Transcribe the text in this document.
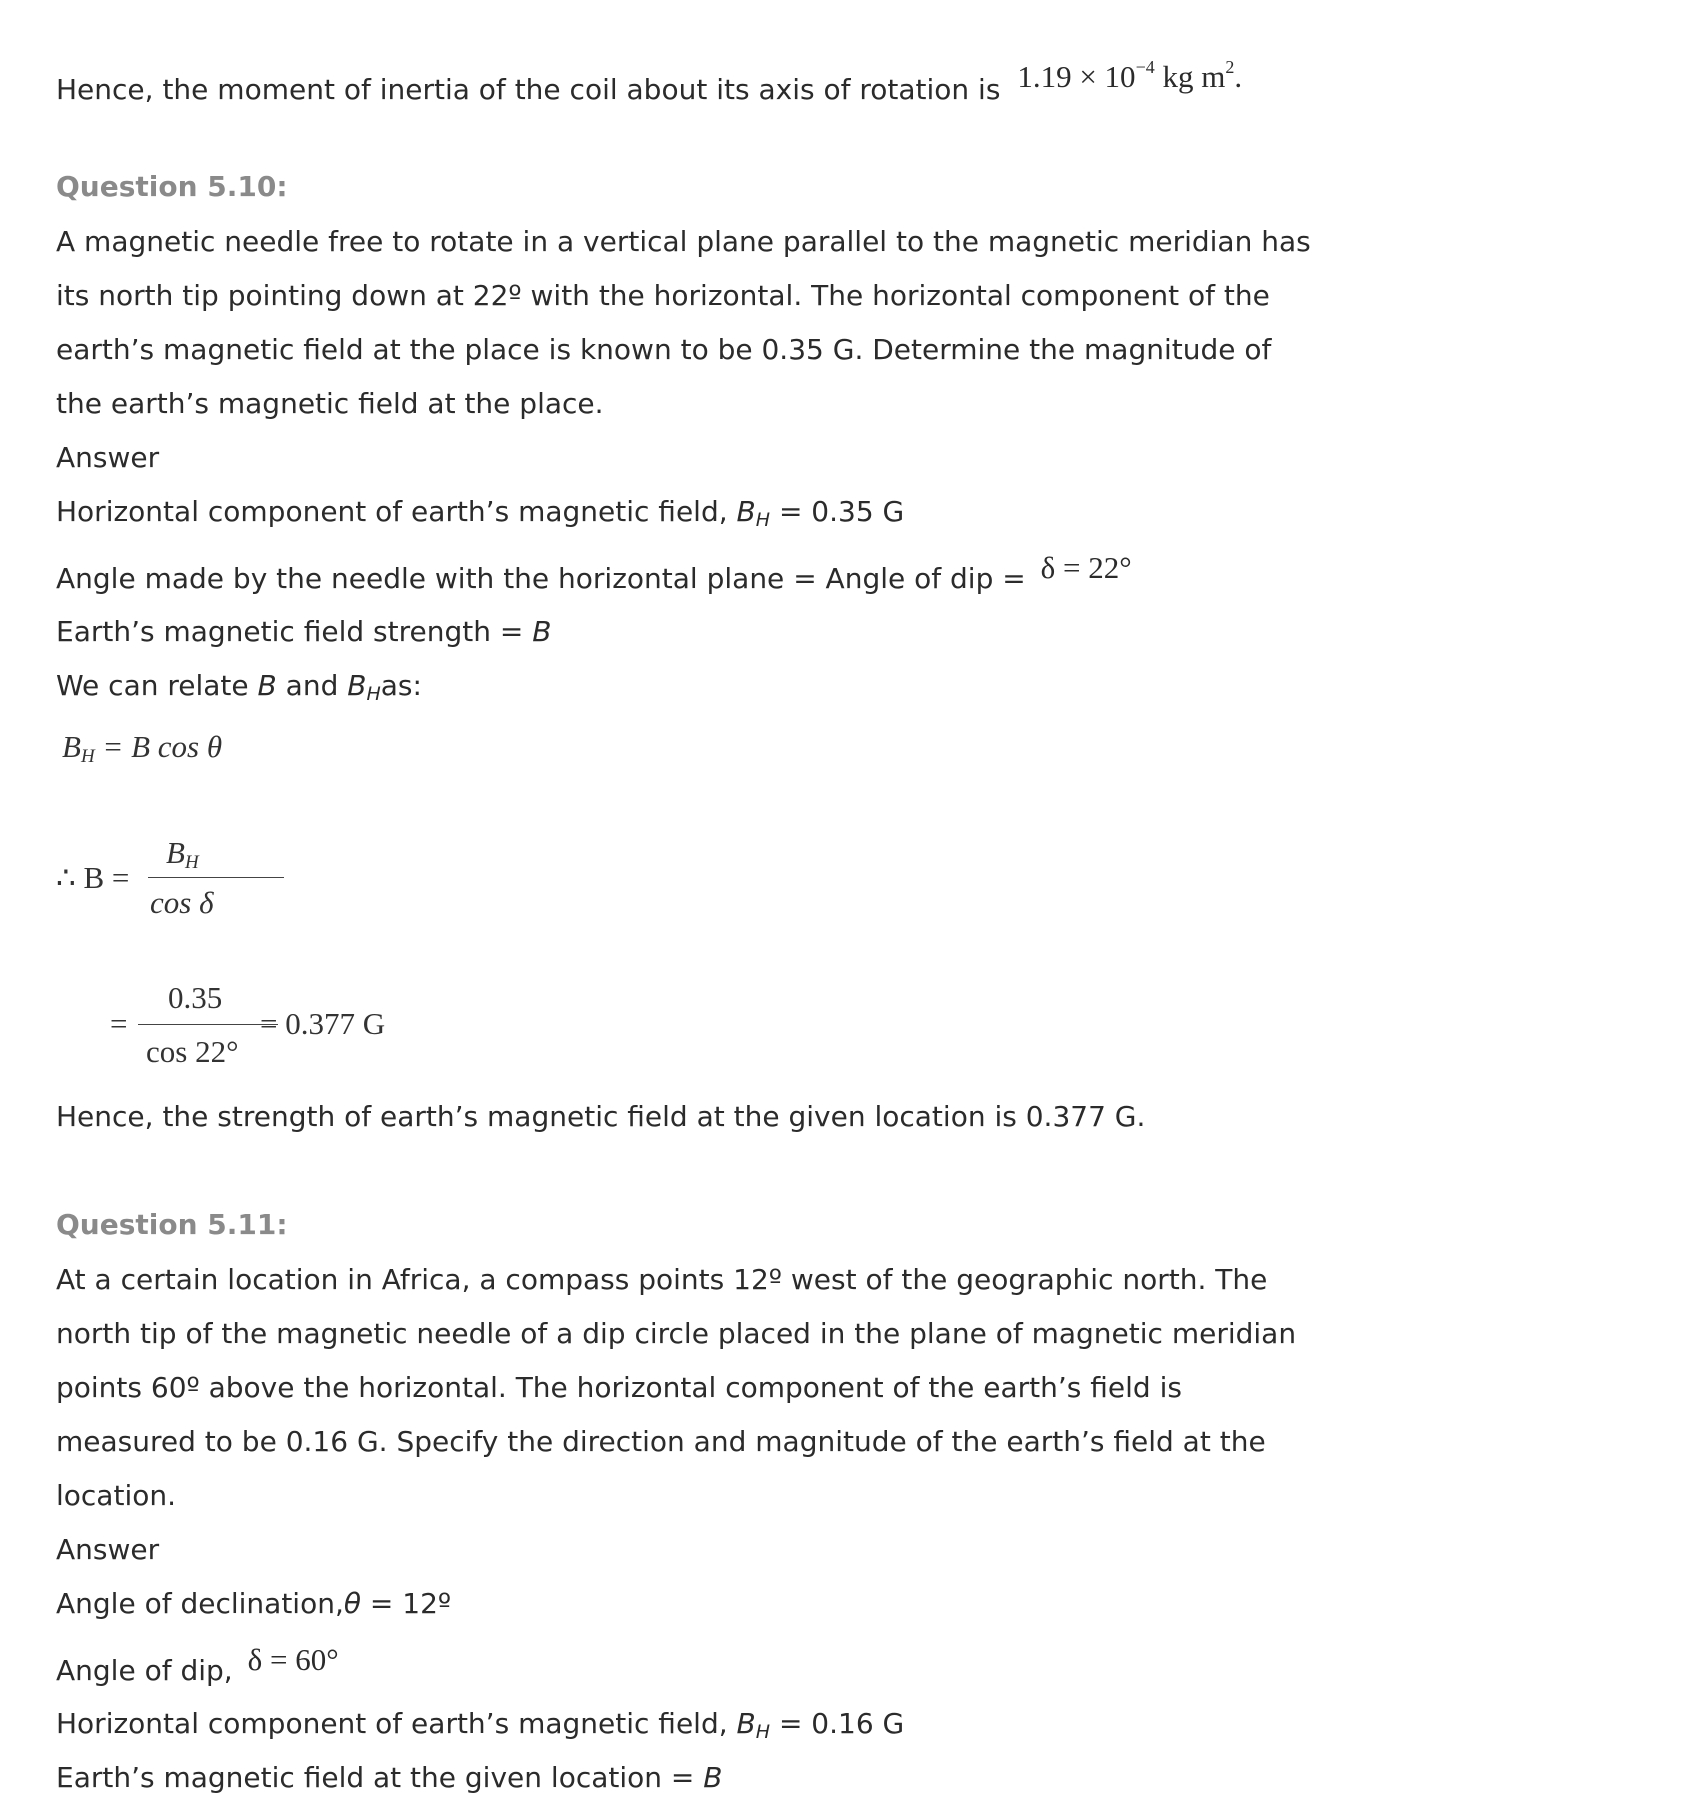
Hence, the moment of inertia of the coil about its axis of rotation is $1.19 \times 10^{-4}$ kg $m^2$.
Question 5.10:
A magnetic needle free to rotate in a vertical plane parallel to the magnetic meridian has
its north tip pointing down at 22º with the horizontal. The horizontal component of the
earth’s magnetic field at the place is known to be 0.35 G. Determine the magnitude of
the earth’s magnetic field at the place.
Answer
Horizontal component of earth’s magnetic field, $B_H = 0.35$ G
Angle made by the needle with the horizontal plane = Angle of dip = δ = 22°
Earth’s magnetic field strength = B
We can relate B and $B_Has$:
$B_H = B$ cos θ
∴ B =
$B_H$
cos δ
=
0.35
cos 22°
= 0.377 G
Hence, the strength of earth’s magnetic field at the given location is 0.377 G.
Question 5.11:
At a certain location in Africa, a compass points 12º west of the geographic north. The
north tip of the magnetic needle of a dip circle placed in the plane of magnetic meridian
points 60º above the horizontal. The horizontal component of the earth’s field is
measured to be 0.16 G. Specify the direction and magnitude of the earth’s field at the
location.
Answer
Angle of declination,θ = 12º
Angle of dip, δ = 60°
Horizontal component of earth’s magnetic field, $B_H = 0.16$ G
Earth’s magnetic field at the given location = B
